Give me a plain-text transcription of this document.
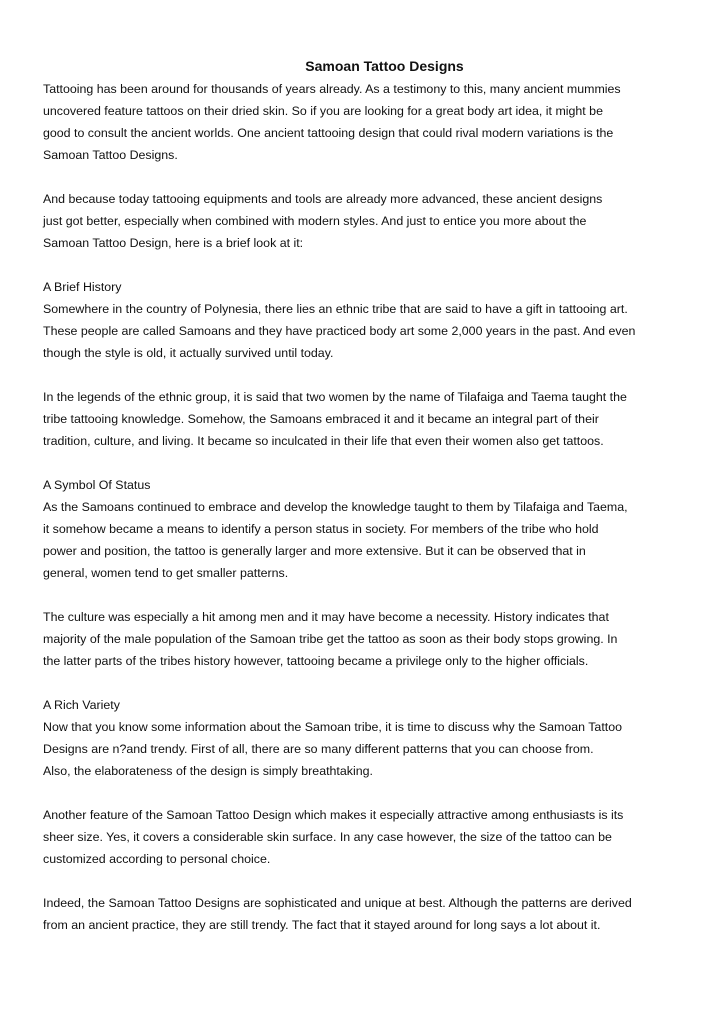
Samoan Tattoo Designs
Tattooing has been around for thousands of years already. As a testimony to this, many ancient mummies
uncovered feature tattoos on their dried skin. So if you are looking for a great body art idea, it might be
good to consult the ancient worlds. One ancient tattooing design that could rival modern variations is the
Samoan Tattoo Designs.
And because today tattooing equipments and tools are already more advanced, these ancient designs
just got better, especially when combined with modern styles. And just to entice you more about the
Samoan Tattoo Design, here is a brief look at it:
A Brief History
Somewhere in the country of Polynesia, there lies an ethnic tribe that are said to have a gift in tattooing art.
These people are called Samoans and they have practiced body art some 2,000 years in the past. And even
though the style is old, it actually survived until today.
In the legends of the ethnic group, it is said that two women by the name of Tilafaiga and Taema taught the
tribe tattooing knowledge. Somehow, the Samoans embraced it and it became an integral part of their
tradition, culture, and living. It became so inculcated in their life that even their women also get tattoos.
A Symbol Of Status
As the Samoans continued to embrace and develop the knowledge taught to them by Tilafaiga and Taema,
it somehow became a means to identify a person status in society. For members of the tribe who hold
power and position, the tattoo is generally larger and more extensive. But it can be observed that in
general, women tend to get smaller patterns.
The culture was especially a hit among men and it may have become a necessity. History indicates that
majority of the male population of the Samoan tribe get the tattoo as soon as their body stops growing. In
the latter parts of the tribes history however, tattooing became a privilege only to the higher officials.
A Rich Variety
Now that you know some information about the Samoan tribe, it is time to discuss why the Samoan Tattoo
Designs are n?and trendy. First of all, there are so many different patterns that you can choose from.
Also, the elaborateness of the design is simply breathtaking.
Another feature of the Samoan Tattoo Design which makes it especially attractive among enthusiasts is its
sheer size. Yes, it covers a considerable skin surface. In any case however, the size of the tattoo can be
customized according to personal choice.
Indeed, the Samoan Tattoo Designs are sophisticated and unique at best. Although the patterns are derived
from an ancient practice, they are still trendy. The fact that it stayed around for long says a lot about it.
